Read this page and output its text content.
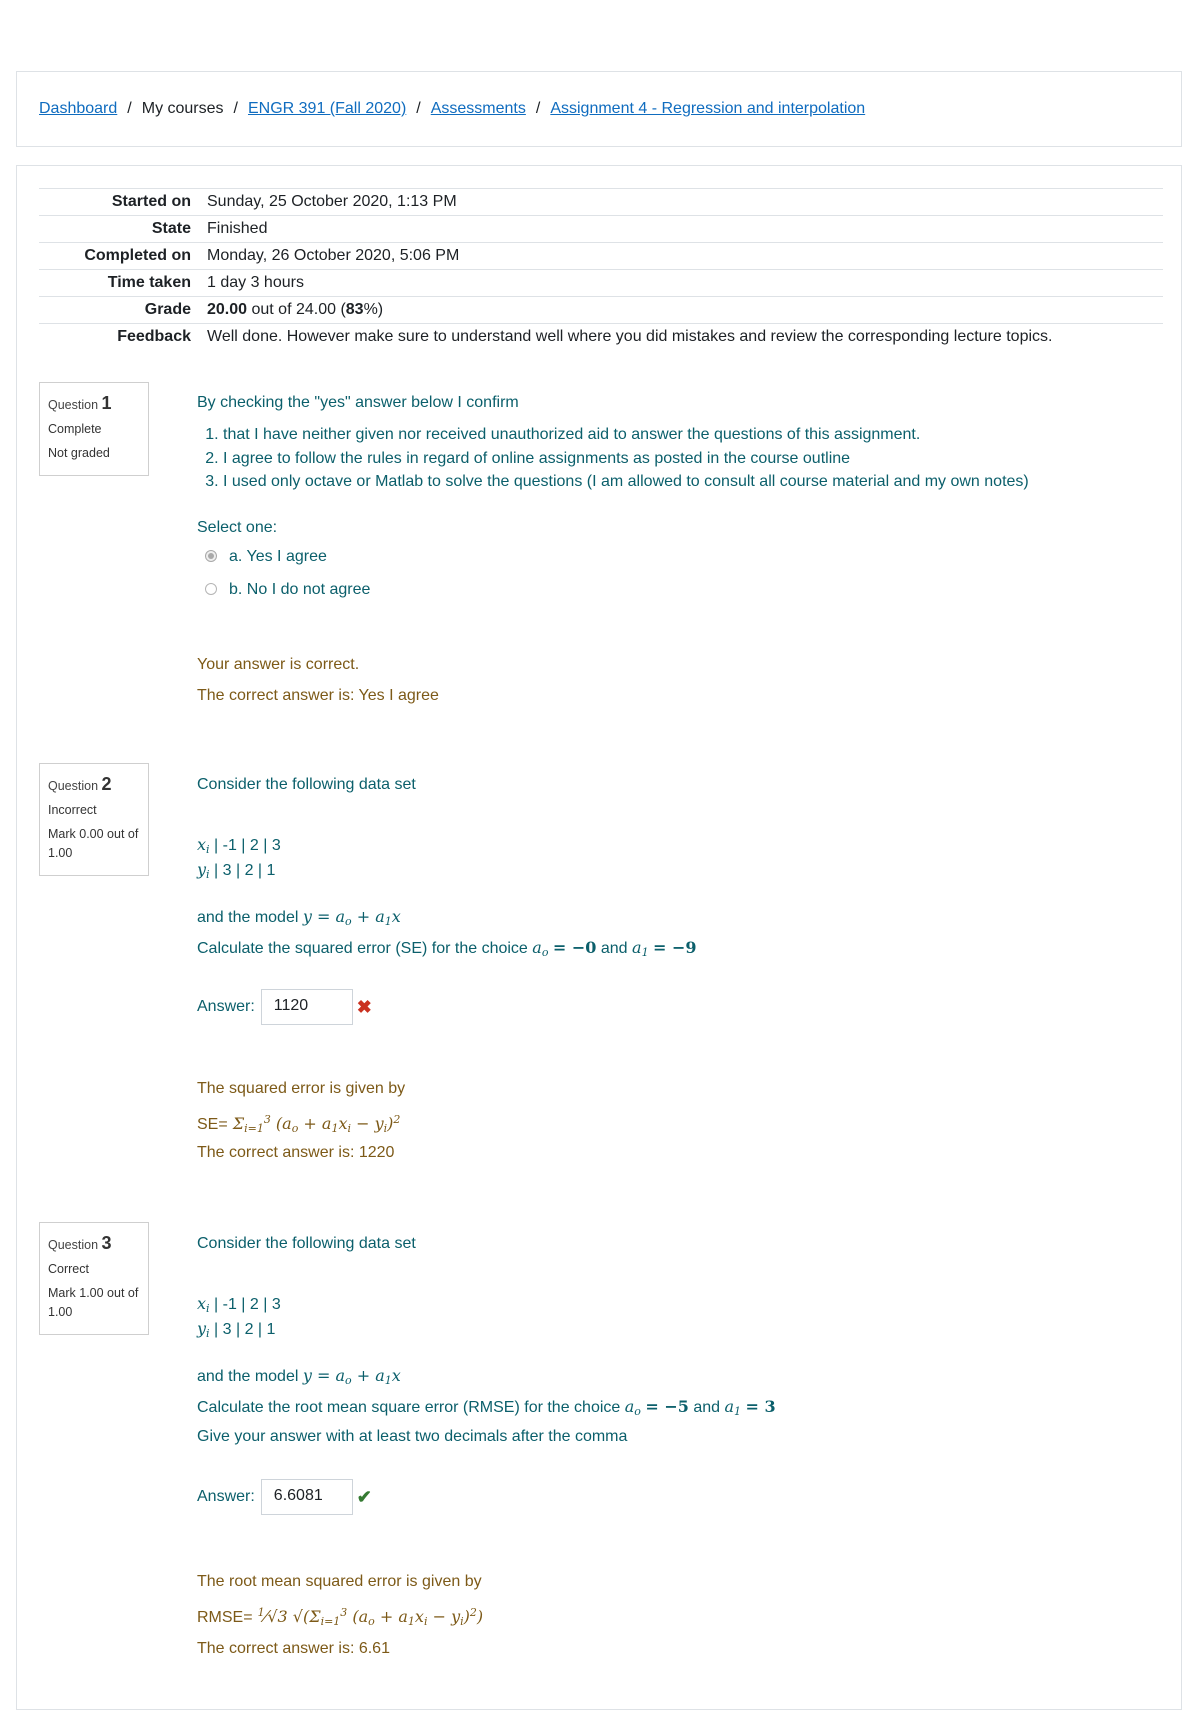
Dashboard / My courses / ENGR 391 (Fall 2020) / Assessments / Assignment 4 - Regression and interpolation
Started on	Sunday, 25 October 2020, 1:13 PM
State	Finished
Completed on	Monday, 26 October 2020, 5:06 PM
Time taken	1 day 3 hours
Grade	20.00 out of 24.00 (83%)
Feedback	Well done. However make sure to understand well where you did mistakes and review the corresponding lecture topics.
Question 1
Complete
Not graded
By checking the "yes" answer below I confirm
1. that I have neither given nor received unauthorized aid to answer the questions of this assignment.
2. I agree to follow the rules in regard of online assignments as posted in the course outline
3. I used only octave or Matlab to solve the questions (I am allowed to consult all course material and my own notes)
Select one:
a. Yes I agree
b. No I do not agree
Your answer is correct.
The correct answer is: Yes I agree
Question 2
Incorrect
Mark 0.00 out of 1.00
Consider the following data set
$x_i$ | -1 | 2 | 3
$y_i$ | 3 | 2 | 1
and the model $y = a_o + a_1x$
Calculate the squared error (SE) for the choice $a_o = -0$ and $a_1 = -9$
Answer: 1120	✖
The squared error is given by
$SE= \Sigma_{i=1}^3$ $(a_o + a_1x_i - y_i)^2$
The correct answer is: 1220
Question 3
Correct
Mark 1.00 out of 1.00
Consider the following data set
$x_i$ | -1 | 2 | 3
$y_i$ | 3 | 2 | 1
and the model $y = a_o + a_1x$
Calculate the root mean square error (RMSE) for the choice $a_o = -5$ and $a_1 = 3$
Give your answer with at least two decimals after the comma
Answer: 6.6081 ✔
The root mean squared error is given by
RMSE= $^1$⁄√3 $√(\Sigma_{i=1}^3$ $(a_o + a_1x_i - y_i)^2$)
The correct answer is: 6.61
